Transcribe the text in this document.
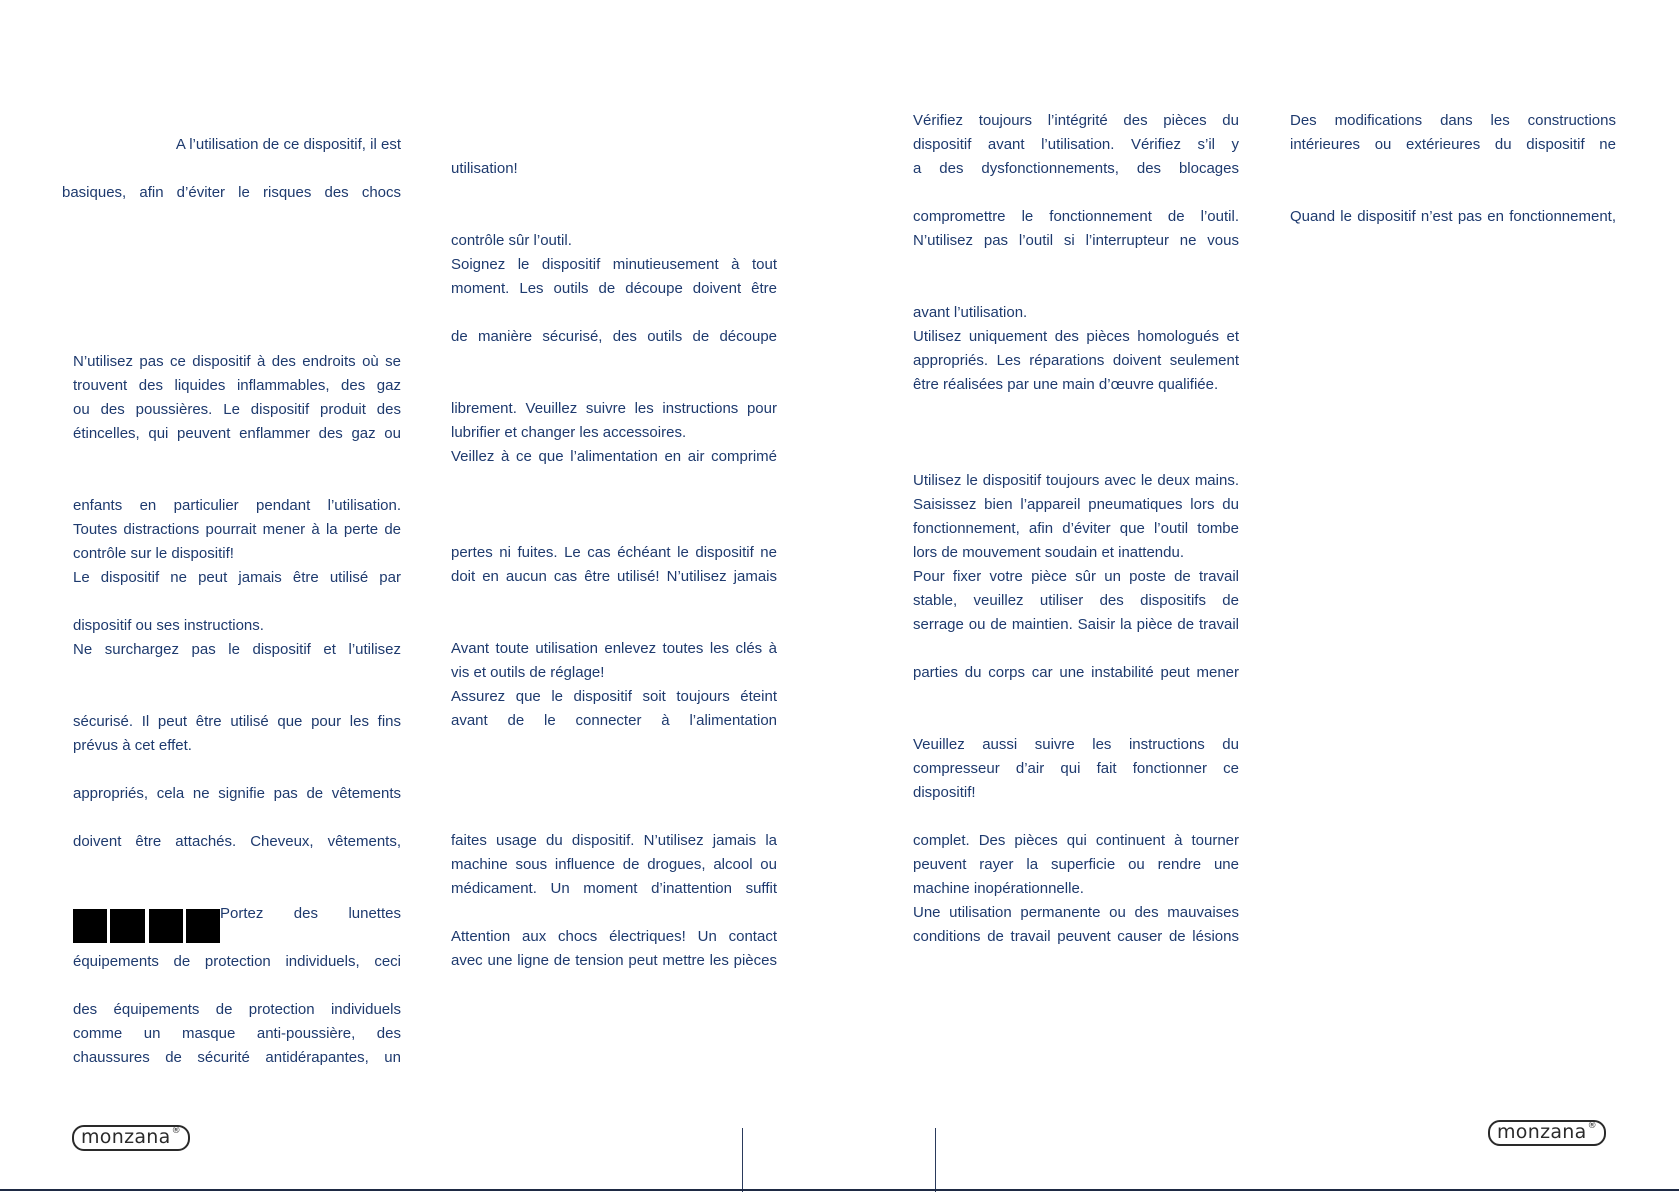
A l’utilisation de ce dispositif, il est

basiques, afin d’éviter le risques des chocs

N’utilisez pas ce dispositif à des endroits où se

trouvent des liquides inflammables, des gaz

ou des poussières. Le dispositif produit des

étincelles, qui peuvent enflammer des gaz ou

enfants en particulier pendant l’utilisation.

Toutes distractions pourrait mener à la perte de

contrôle sur le dispositif!

Le dispositif ne peut jamais être utilisé par

dispositif ou ses instructions.

Ne surchargez pas le dispositif et l’utilisez

sécurisé. Il peut être utilisé que pour les fins

prévus à cet effet.

appropriés, cela ne signifie pas de vêtements

doivent être attachés. Cheveux, vêtements,

Portez des lunettes

équipements de protection individuels, ceci

des équipements de protection individuels

comme un masque anti-poussière, des

chaussures de sécurité antidérapantes, un

utilisation!

contrôle sûr l’outil.

Soignez le dispositif minutieusement à tout

moment. Les outils de découpe doivent être

de manière sécurisé, des outils de découpe

librement. Veuillez suivre les instructions pour

lubrifier et changer les accessoires.

Veillez à ce que l’alimentation en air comprimé

pertes ni fuites. Le cas échéant le dispositif ne

doit en aucun cas être utilisé! N’utilisez jamais

Avant toute utilisation enlevez toutes les clés à

vis et outils de réglage!

Assurez que le dispositif soit toujours éteint

avant de le connecter à l’alimentation

faites usage du dispositif. N’utilisez jamais la

machine sous influence de drogues, alcool ou

médicament. Un moment d’inattention suffit

Attention aux chocs électriques! Un contact

avec une ligne de tension peut mettre les pièces

Vérifiez toujours l’intégrité des pièces du

dispositif avant l’utilisation. Vérifiez s’il y

a des dysfonctionnements, des blocages

compromettre le fonctionnement de l’outil.

N’utilisez pas l’outil si l’interrupteur ne vous

avant l’utilisation.

Utilisez uniquement des pièces homologués et

appropriés. Les réparations doivent seulement

être réalisées par une main d’œuvre qualifiée.

Utilisez le dispositif toujours avec le deux mains.

Saisissez bien l’appareil pneumatiques lors du

fonctionnement, afin d’éviter que l’outil tombe

lors de mouvement soudain et inattendu.

Pour fixer votre pièce sûr un poste de travail

stable, veuillez utiliser des dispositifs de

serrage ou de maintien. Saisir la pièce de travail

parties du corps car une instabilité peut mener

Veuillez aussi suivre les instructions du

compresseur d’air qui fait fonctionner ce

dispositif!

complet. Des pièces qui continuent à tourner

peuvent rayer la superficie ou rendre une

machine inopérationnelle.

Une utilisation permanente ou des mauvaises

conditions de travail peuvent causer de lésions

Des modifications dans les constructions

intérieures ou extérieures du dispositif ne

Quand le dispositif n’est pas en fonctionnement,

monzana®	monzana®
